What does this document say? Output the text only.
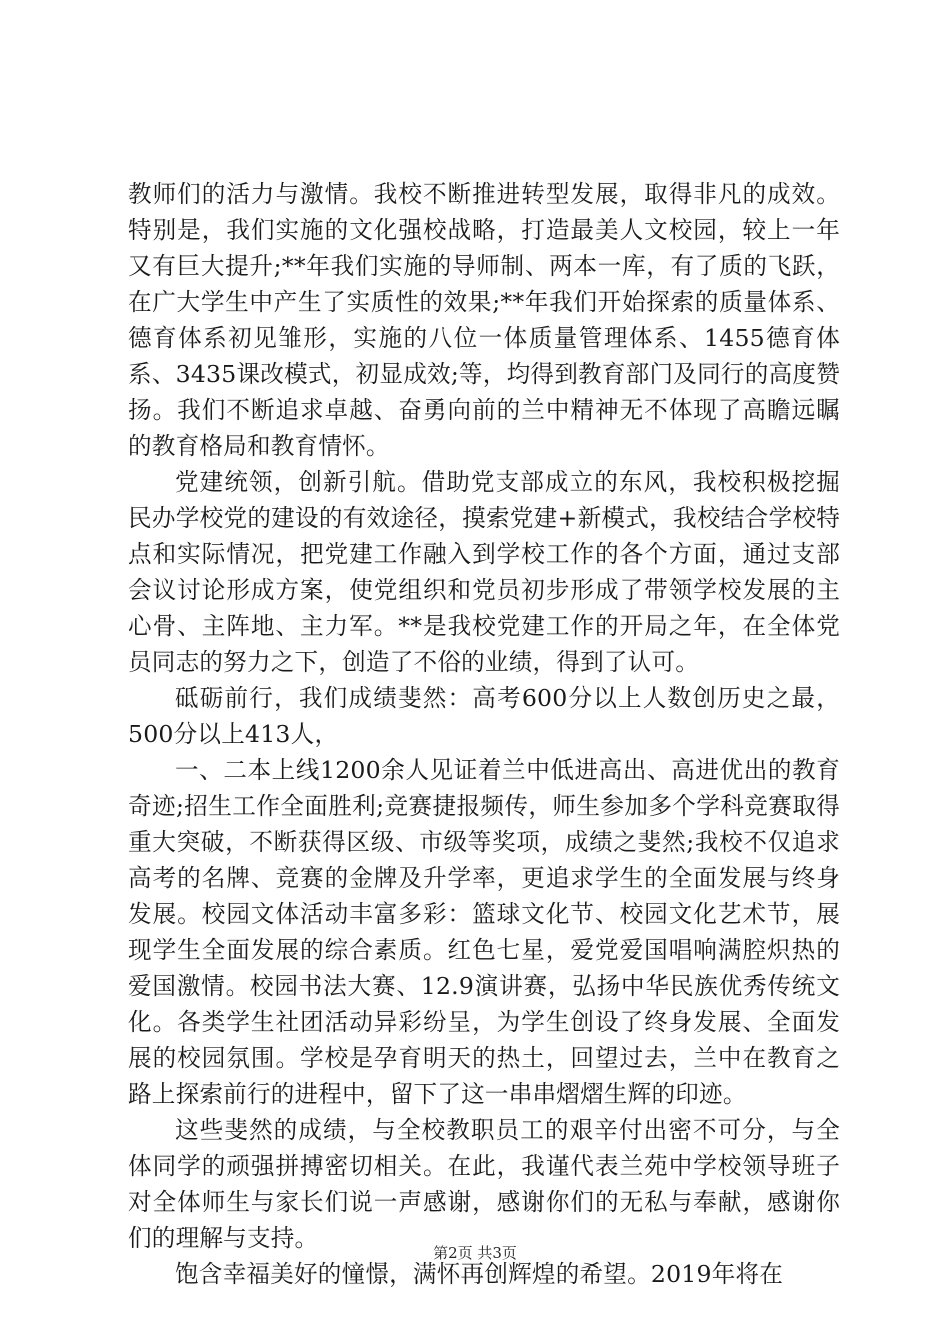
教师们的活力与激情。我校不断推进转型发展，取得非凡的成效。特别是，我们实施的文化强校战略，打造最美人文校园，较上一年又有巨大提升;**年我们实施的导师制、两本一库，有了质的飞跃，在广大学生中产生了实质性的效果;**年我们开始探索的质量体系、德育体系初见雏形，实施的八位一体质量管理体系、1455德育体系、3435课改模式，初显成效;等，均得到教育部门及同行的高度赞扬。我们不断追求卓越、奋勇向前的兰中精神无不体现了高瞻远瞩的教育格局和教育情怀。

党建统领，创新引航。借助党支部成立的东风，我校积极挖掘民办学校党的建设的有效途径，摸索党建+新模式，我校结合学校特点和实际情况，把党建工作融入到学校工作的各个方面，通过支部会议讨论形成方案，使党组织和党员初步形成了带领学校发展的主心骨、主阵地、主力军。**是我校党建工作的开局之年，在全体党员同志的努力之下，创造了不俗的业绩，得到了认可。

砥砺前行，我们成绩斐然：高考600分以上人数创历史之最，500分以上413人，

一、二本上线1200余人见证着兰中低进高出、高进优出的教育奇迹;招生工作全面胜利;竞赛捷报频传，师生参加多个学科竞赛取得重大突破，不断获得区级、市级等奖项，成绩之斐然;我校不仅追求高考的名牌、竞赛的金牌及升学率，更追求学生的全面发展与终身发展。校园文体活动丰富多彩：篮球文化节、校园文化艺术节，展现学生全面发展的综合素质。红色七星，爱党爱国唱响满腔炽热的爱国激情。校园书法大赛、12.9演讲赛，弘扬中华民族优秀传统文化。各类学生社团活动异彩纷呈，为学生创设了终身发展、全面发展的校园氛围。学校是孕育明天的热土，回望过去，兰中在教育之路上探索前行的进程中，留下了这一串串熠熠生辉的印迹。

这些斐然的成绩，与全校教职员工的艰辛付出密不可分，与全体同学的顽强拼搏密切相关。在此，我谨代表兰苑中学校领导班子对全体师生与家长们说一声感谢，感谢你们的无私与奉献，感谢你们的理解与支持。

饱含幸福美好的憧憬，满怀再创辉煌的希望。2019年将在

第2页 共3页
